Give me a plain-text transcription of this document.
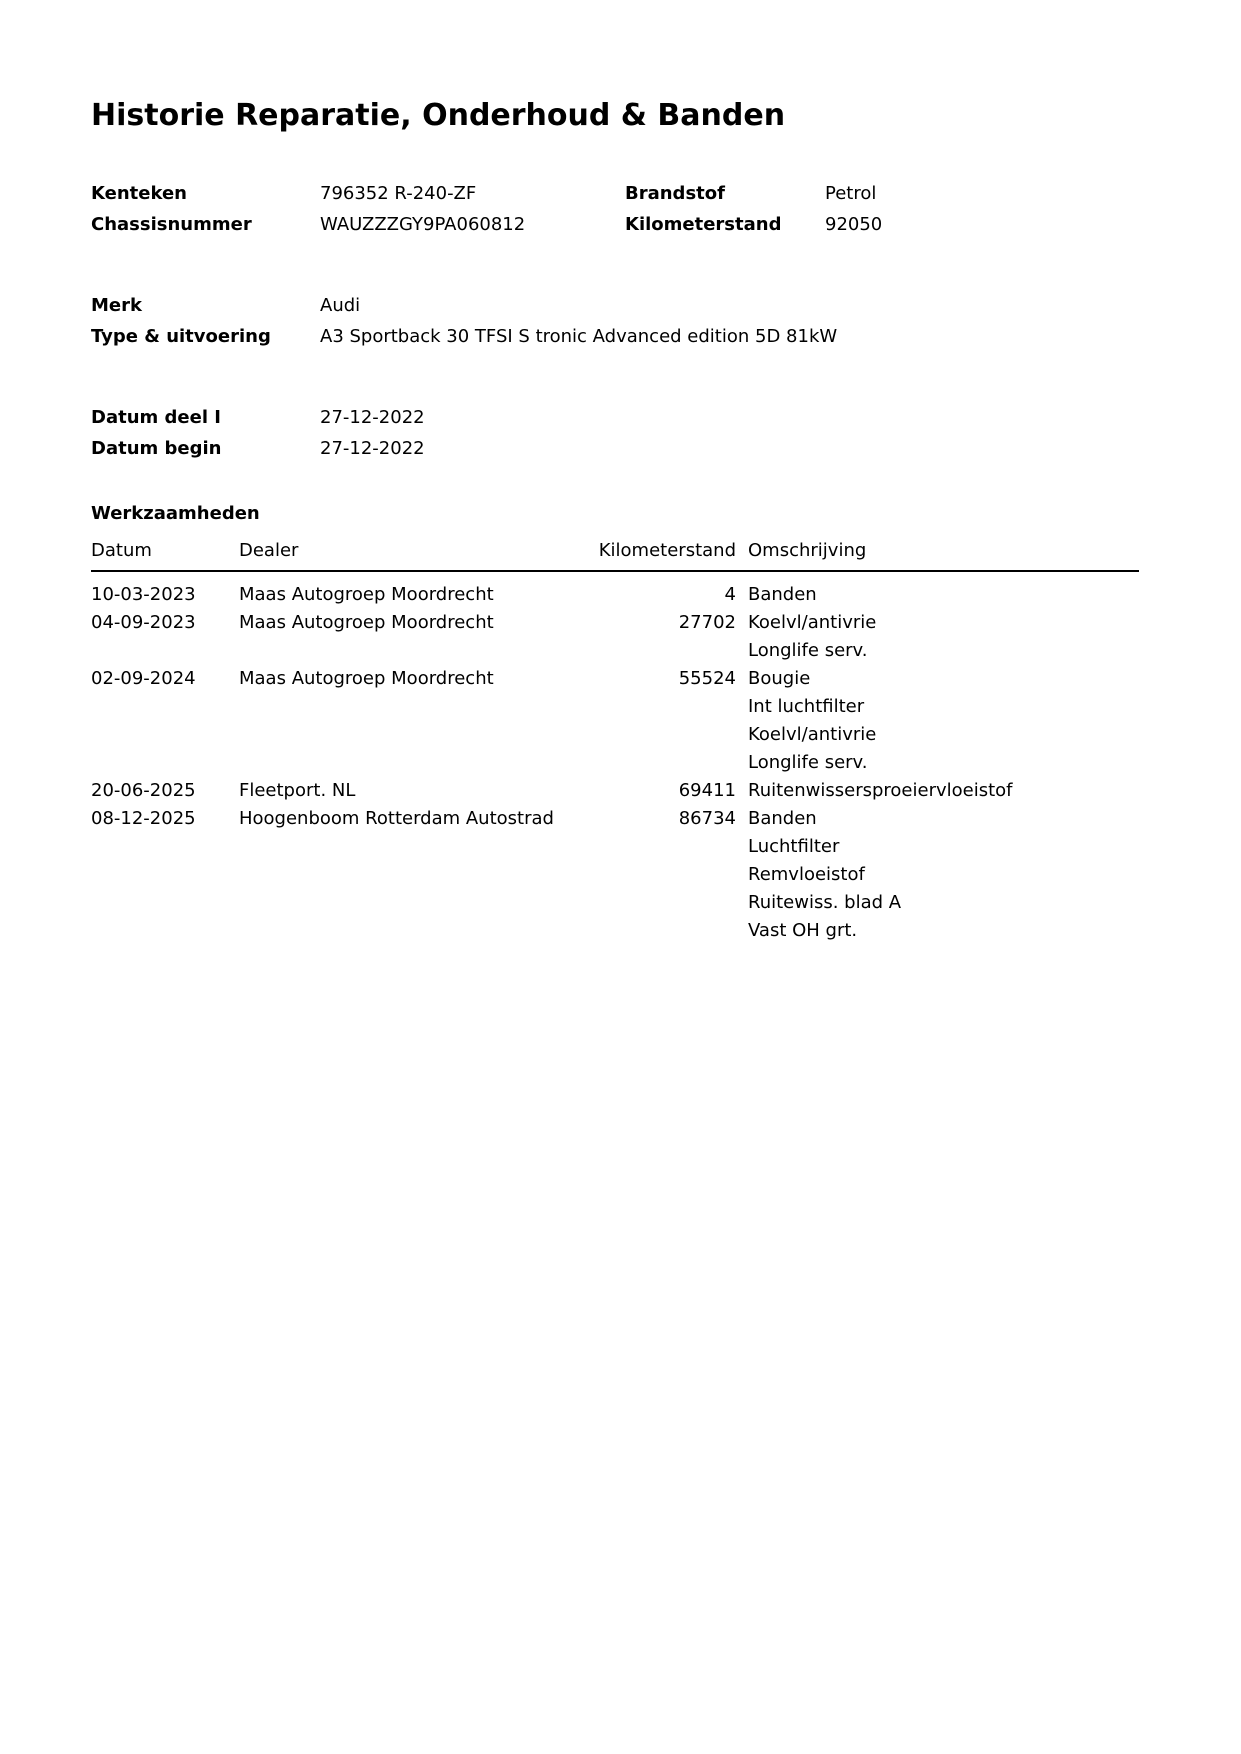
Historie Reparatie, Onderhoud & Banden
Kenteken	796352 R-240-ZF	Brandstof	Petrol
Chassisnummer	WAUZZZGY9PA060812	Kilometerstand	92050
Merk	Audi
Type & uitvoering	A3 Sportback 30 TFSI S tronic Advanced edition 5D 81kW
Datum deel I	27-12-2022
Datum begin	27-12-2022
Werkzaamheden
Datum	Dealer	Kilometerstand	Omschrijving
10-03-2023	Maas Autogroep Moordrecht	4	Banden

04-09-2023	Maas Autogroep Moordrecht	27702	Koelvl/antivrie
Longlife serv.

02-09-2024	Maas Autogroep Moordrecht	55524	Bougie
Int luchtfilter
Koelvl/antivrie
Longlife serv.

20-06-2025	Fleetport. NL	69411	Ruitenwissersproeiervloeistof

08-12-2025	Hoogenboom Rotterdam Autostrad	86734	Banden
Luchtfilter
Remvloeistof
Ruitewiss. blad A
Vast OH grt.
